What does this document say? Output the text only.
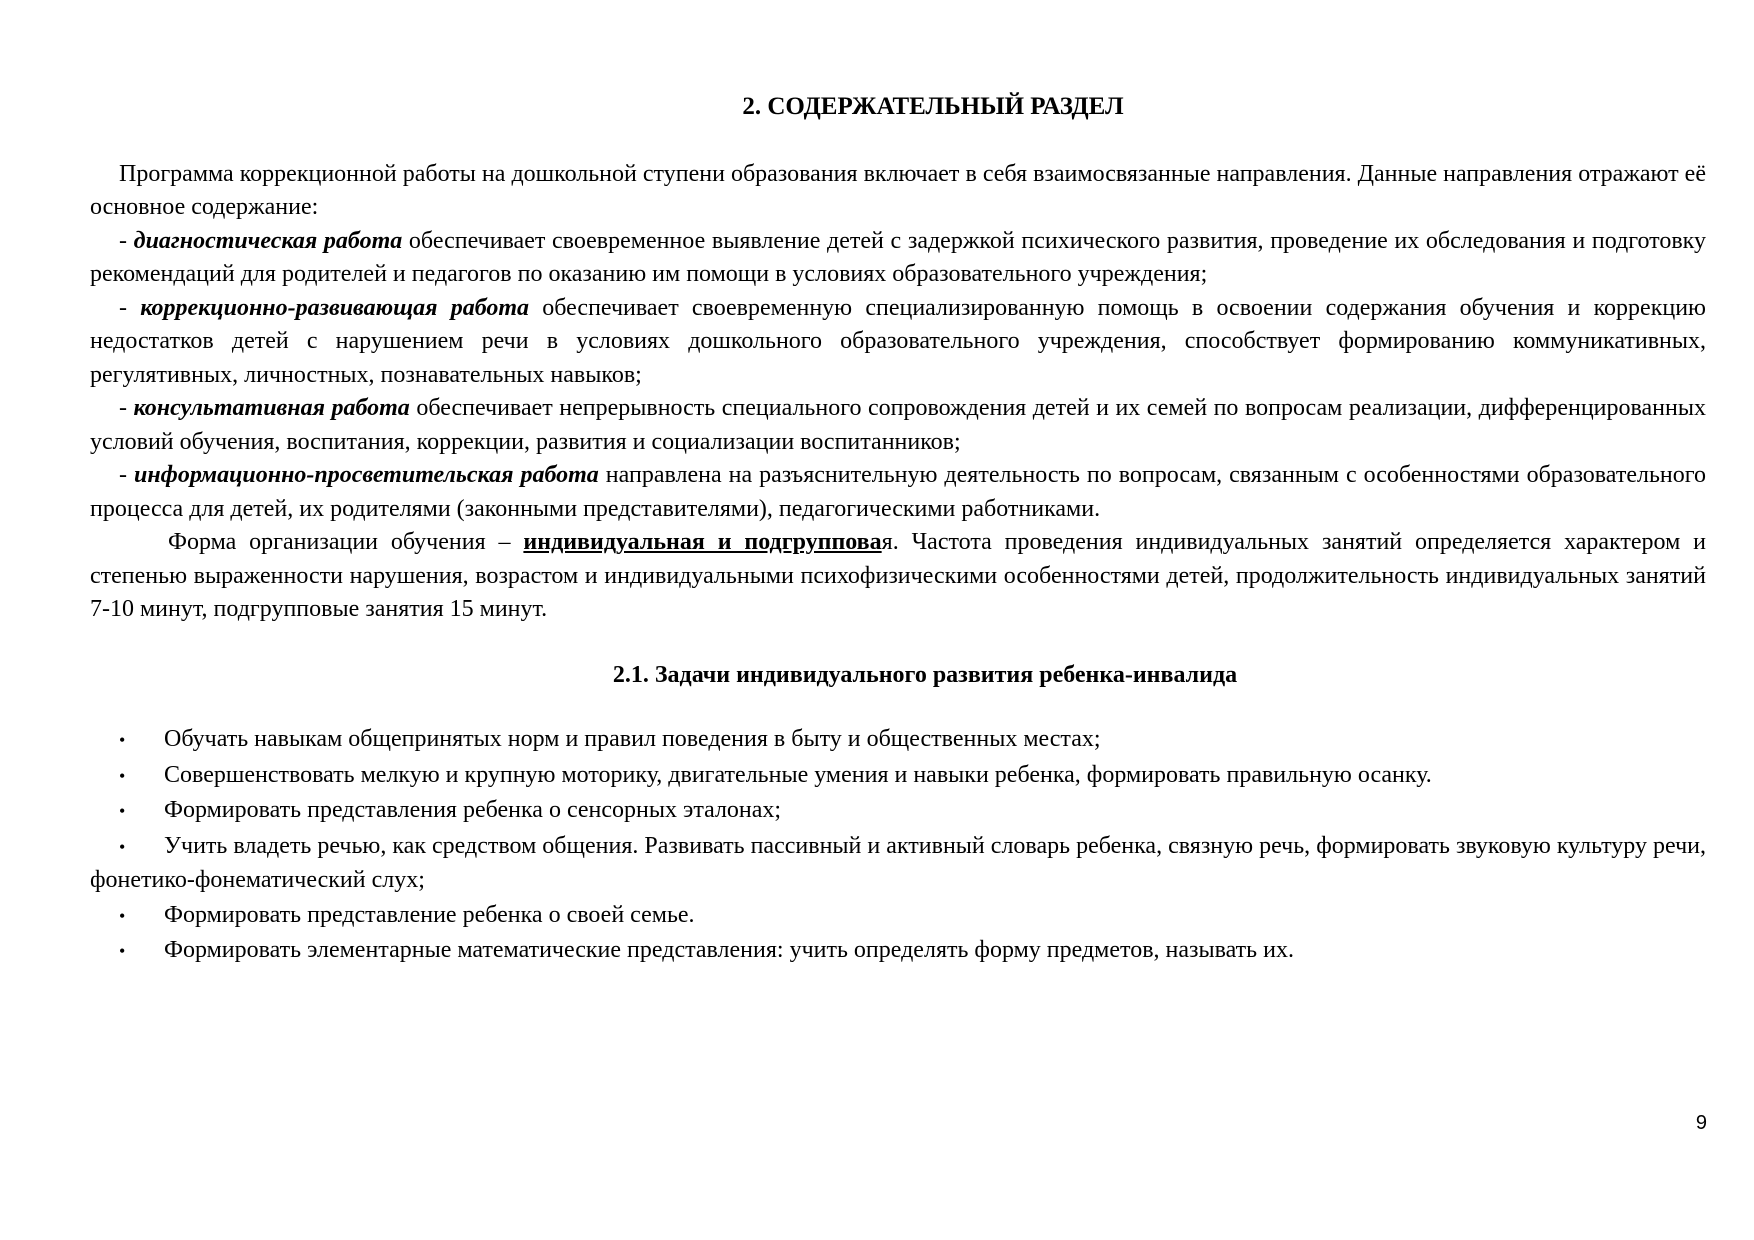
2. СОДЕРЖАТЕЛЬНЫЙ РАЗДЕЛ

Программа коррекционной работы на дошкольной ступени образования включает в себя взаимосвязанные направления. Данные направления отражают её основное содержание:

- диагностическая работа обеспечивает своевременное выявление детей с задержкой психического развития, проведение их обследования и подготовку рекомендаций для родителей и педагогов по оказанию им помощи в условиях образовательного учреждения;

- коррекционно-развивающая работа обеспечивает своевременную специализированную помощь в освоении содержания обучения и коррекцию недостатков детей с нарушением речи в условиях дошкольного образовательного учреждения, способствует формированию коммуникативных, регулятивных, личностных, познавательных навыков;

- консультативная работа обеспечивает непрерывность специального сопровождения детей и их семей по вопросам реализации, дифференцированных условий обучения, воспитания, коррекции, развития и социализации воспитанников;

- информационно-просветительская работа направлена на разъяснительную деятельность по вопросам, связанным с особенностями образовательного процесса для детей, их родителями (законными представителями), педагогическими работниками.

Форма организации обучения – индивидуальная и подгрупповая. Частота проведения индивидуальных занятий определяется характером и степенью выраженности нарушения, возрастом и индивидуальными психофизическими особенностями детей, продолжительность индивидуальных занятий 7-10 минут, подгрупповые занятия 15 минут.

2.1. Задачи индивидуального развития ребенка-инвалида
• Обучать навыкам общепринятых норм и правил поведения в быту и общественных местах;
• Совершенствовать мелкую и крупную моторику, двигательные умения и навыки ребенка, формировать правильную осанку.
• Формировать представления ребенка о сенсорных эталонах;
• Учить владеть речью, как средством общения. Развивать пассивный и активный словарь ребенка, связную речь, формировать звуковую культуру речи, фонетико-фонематический слух;
• Формировать представление ребенка о своей семье.
• Формировать элементарные математические представления: учить определять форму предметов, называть их.
9
